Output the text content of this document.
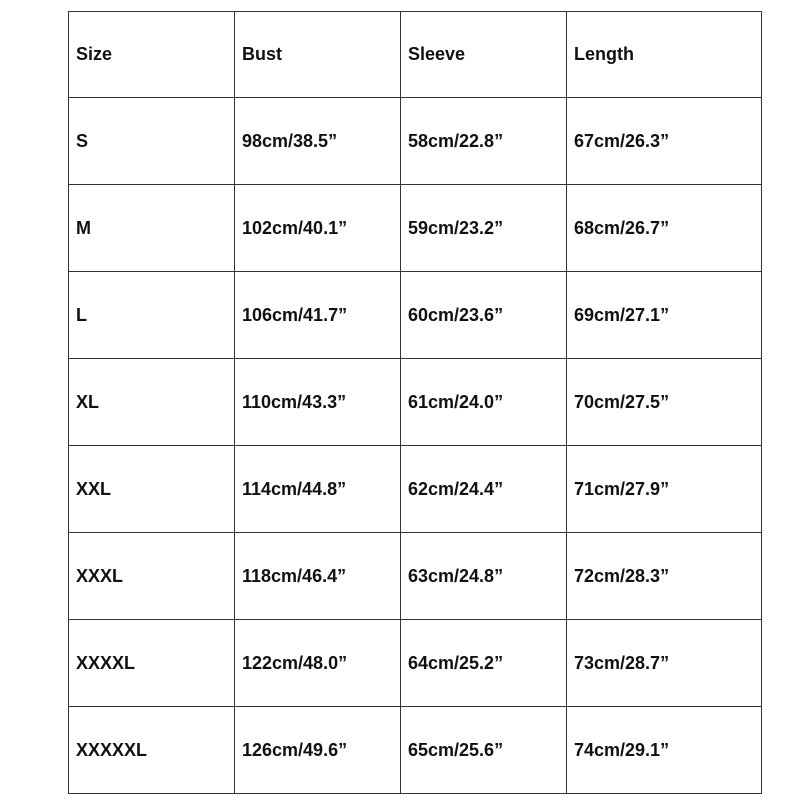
Size	Bust	Sleeve	Length
S	98cm/38.5”	58cm/22.8”	67cm/26.3”
M	102cm/40.1”	59cm/23.2”	68cm/26.7”
L	106cm/41.7”	60cm/23.6”	69cm/27.1”
XL	110cm/43.3”	61cm/24.0”	70cm/27.5”
XXL	114cm/44.8”	62cm/24.4”	71cm/27.9”
XXXL	118cm/46.4”	63cm/24.8”	72cm/28.3”
XXXXL	122cm/48.0”	64cm/25.2”	73cm/28.7”
XXXXXL	126cm/49.6”	65cm/25.6”	74cm/29.1”
